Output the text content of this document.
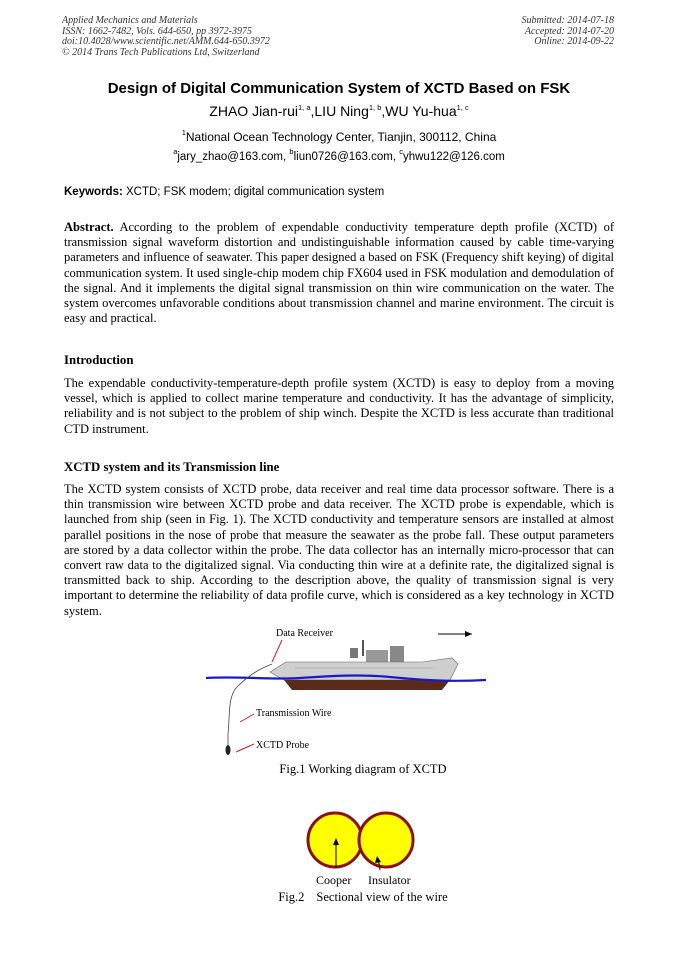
Applied Mechanics and Materials
ISSN: 1662-7482, Vols. 644-650, pp 3972-3975
doi:10.4028/www.scientific.net/AMM.644-650.3972
© 2014 Trans Tech Publications Ltd, Switzerland
Submitted: 2014-07-18
Accepted: 2014-07-20
Online: 2014-09-22
Design of Digital Communication System of XCTD Based on FSK
ZHAO Jian-rui$^{1, a}$,LIU Ning$^{1, b}$,WU Yu-hua$^{1, c}$
$^1$National Ocean Technology Center, Tianjin, 300112, China
$^a$jary_zhao@163.com, $^b$liun0726@163.com, $^c$yhwu122@126.com
Keywords: XCTD; FSK modem; digital communication system
Abstract. According to the problem of expendable conductivity temperature depth profile (XCTD) of transmission signal waveform distortion and undistinguishable information caused by cable time-varying parameters and influence of seawater. This paper designed a based on FSK (Frequency shift keying) of digital communication system. It used single-chip modem chip FX604 used in FSK modulation and demodulation of the signal. And it implements the digital signal transmission on thin wire communication on the water. The system overcomes unfavorable conditions about transmission channel and marine environment. The circuit is easy and practical.
Introduction
The expendable conductivity-temperature-depth profile system (XCTD) is easy to deploy from a moving vessel, which is applied to collect marine temperature and conductivity. It has the advantage of simplicity, reliability and is not subject to the problem of ship winch. Despite the XCTD is less accurate than traditional CTD instrument.
XCTD system and its Transmission line
The XCTD system consists of XCTD probe, data receiver and real time data processor software. There is a thin transmission wire between XCTD probe and data receiver. The XCTD probe is expendable, which is launched from ship (seen in Fig. 1). The XCTD conductivity and temperature sensors are installed at almost parallel positions in the nose of probe that measure the seawater as the probe fall. These output parameters are stored by a data collector within the probe. The data collector has an internally micro-processor that can convert raw data to the digitalized signal. Via conducting thin wire at a definite rate, the digitalized signal is transmitted back to ship. According to the description above, the quality of transmission signal is very important to determine the reliability of data profile curve, which is considered as a key technology in XCTD system.
Data Receiver
Transmission Wire
XCTD Probe
Fig.1 Working diagram of XCTD
Cooper Insulator
Fig.2 Sectional view of the wire
